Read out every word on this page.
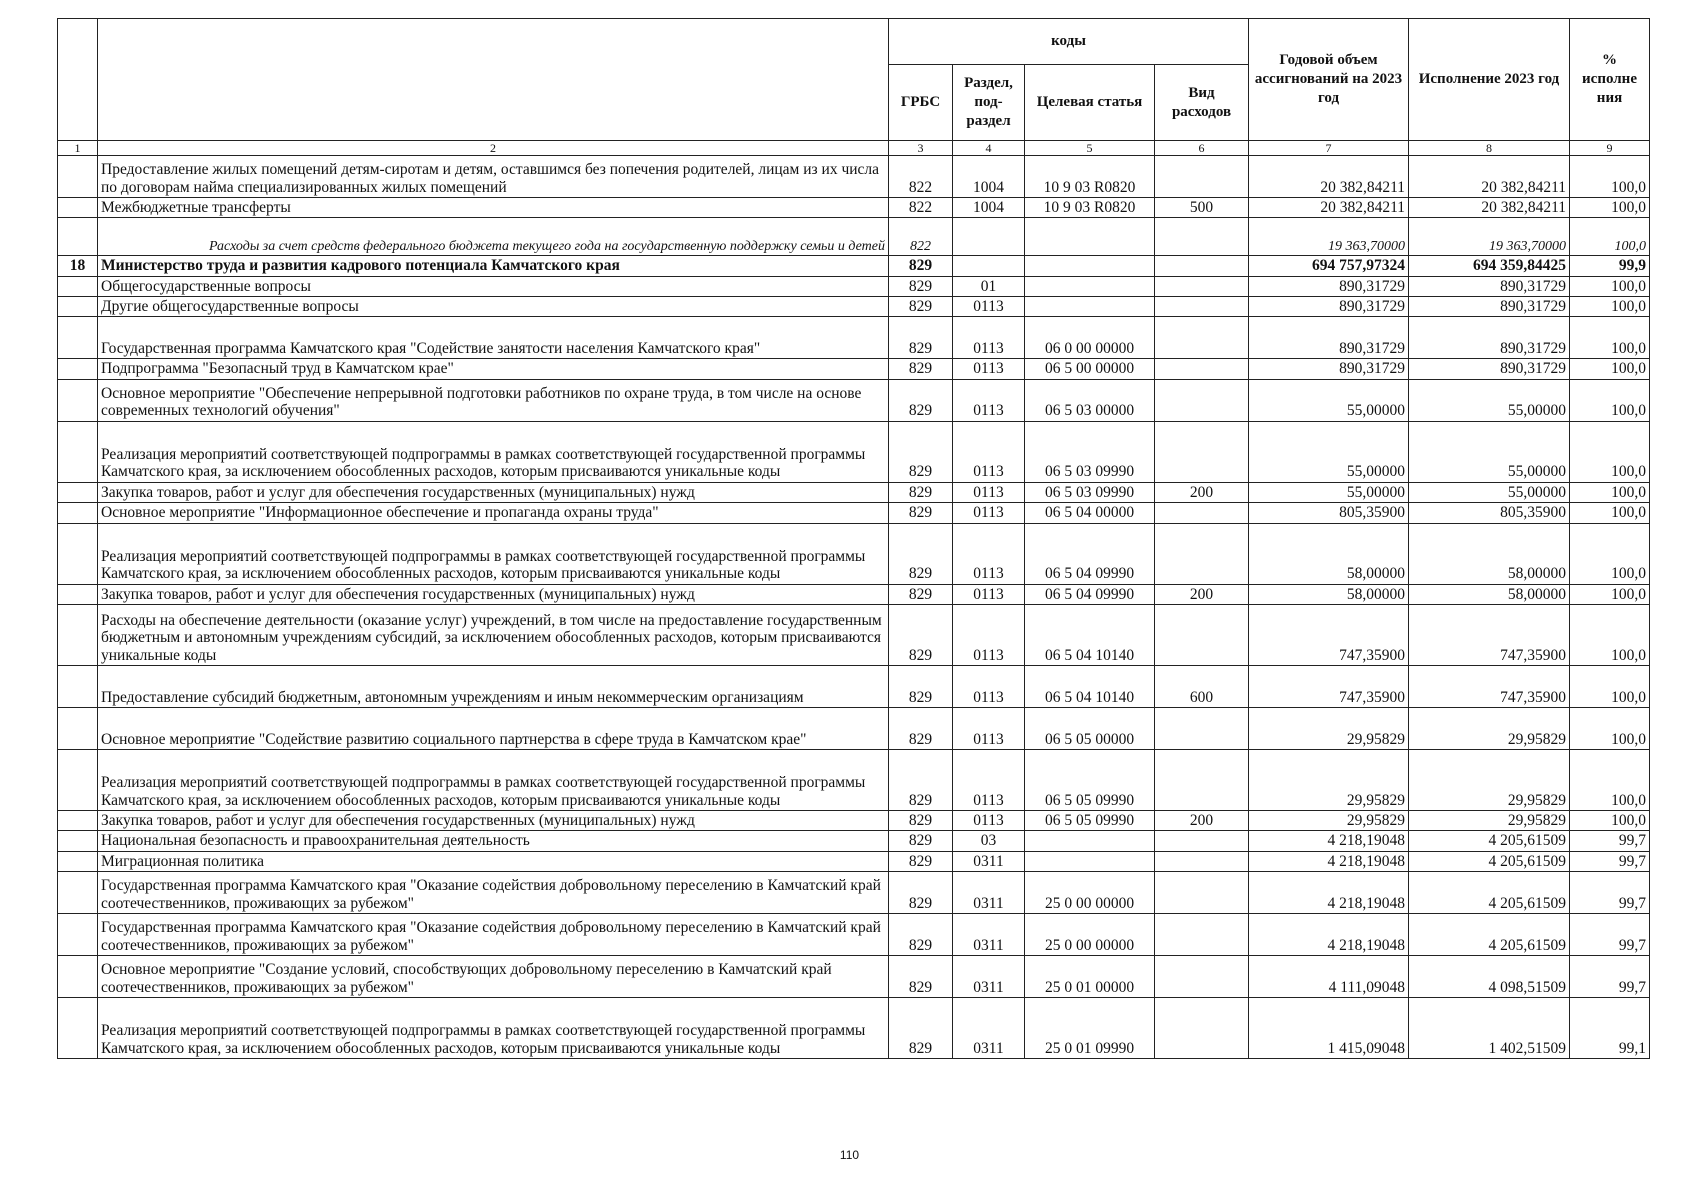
		коды				Годовой объем ассигнований на 2023 год	Исполнение 2023 год	% исполне ния
		ГРБС	Раздел, под-раздел	Целевая статья	Вид расходов			
1	2	3	4	5	6	7	8	9
	Предоставление жилых помещений детям-сиротам и детям, оставшимся без попечения родителей, лицам из их числа по договорам найма специализированных жилых помещений	822	1004	10 9 03 R0820		20 382,84211	20 382,84211	100,0
	Межбюджетные трансферты	822	1004	10 9 03 R0820	500	20 382,84211	20 382,84211	100,0
	Расходы за счет средств федерального бюджета текущего года на государственную поддержку семьи и детей	822				19 363,70000	19 363,70000	100,0
18	Министерство труда и развития кадрового потенциала Камчатского края	829				694 757,97324	694 359,84425	99,9
	Общегосударственные вопросы	829	01			890,31729	890,31729	100,0
	Другие общегосударственные вопросы	829	0113			890,31729	890,31729	100,0
	Государственная программа Камчатского края "Содействие занятости населения Камчатского края"	829	0113	06 0 00 00000		890,31729	890,31729	100,0
	Подпрограмма "Безопасный труд в Камчатском крае"	829	0113	06 5 00 00000		890,31729	890,31729	100,0
	Основное мероприятие "Обеспечение непрерывной подготовки работников по охране труда, в том числе на основе современных технологий обучения"	829	0113	06 5 03 00000		55,00000	55,00000	100,0
	Реализация мероприятий соответствующей подпрограммы в рамках соответствующей государственной программы Камчатского края, за исключением обособленных расходов, которым присваиваются уникальные коды	829	0113	06 5 03 09990		55,00000	55,00000	100,0
	Закупка товаров, работ и услуг для обеспечения государственных (муниципальных) нужд	829	0113	06 5 03 09990	200	55,00000	55,00000	100,0
	Основное мероприятие "Информационное обеспечение и пропаганда охраны труда"	829	0113	06 5 04 00000		805,35900	805,35900	100,0
	Реализация мероприятий соответствующей подпрограммы в рамках соответствующей государственной программы Камчатского края, за исключением обособленных расходов, которым присваиваются уникальные коды	829	0113	06 5 04 09990		58,00000	58,00000	100,0
	Закупка товаров, работ и услуг для обеспечения государственных (муниципальных) нужд	829	0113	06 5 04 09990	200	58,00000	58,00000	100,0
	Расходы на обеспечение деятельности (оказание услуг) учреждений, в том числе на предоставление государственным бюджетным и автономным учреждениям субсидий, за исключением обособленных расходов, которым присваиваются уникальные коды	829	0113	06 5 04 10140		747,35900	747,35900	100,0
	Предоставление субсидий бюджетным, автономным учреждениям и иным некоммерческим организациям	829	0113	06 5 04 10140	600	747,35900	747,35900	100,0
	Основное мероприятие "Содействие развитию социального партнерства в сфере труда в Камчатском крае"	829	0113	06 5 05 00000		29,95829	29,95829	100,0
	Реализация мероприятий соответствующей подпрограммы в рамках соответствующей государственной программы Камчатского края, за исключением обособленных расходов, которым присваиваются уникальные коды	829	0113	06 5 05 09990		29,95829	29,95829	100,0
	Закупка товаров, работ и услуг для обеспечения государственных (муниципальных) нужд	829	0113	06 5 05 09990	200	29,95829	29,95829	100,0
	Национальная безопасность и правоохранительная деятельность	829	03			4 218,19048	4 205,61509	99,7
	Миграционная политика	829	0311			4 218,19048	4 205,61509	99,7
	Государственная программа Камчатского края "Оказание содействия добровольному переселению в Камчатский край соотечественников, проживающих за рубежом"	829	0311	25 0 00 00000		4 218,19048	4 205,61509	99,7
	Государственная программа Камчатского края "Оказание содействия добровольному переселению в Камчатский край соотечественников, проживающих за рубежом"	829	0311	25 0 00 00000		4 218,19048	4 205,61509	99,7
	Основное мероприятие "Создание условий, способствующих добровольному переселению в Камчатский край соотечественников, проживающих за рубежом"	829	0311	25 0 01 00000		4 111,09048	4 098,51509	99,7
	Реализация мероприятий соответствующей подпрограммы в рамках соответствующей государственной программы Камчатского края, за исключением обособленных расходов, которым присваиваются уникальные коды	829	0311	25 0 01 09990		1 415,09048	1 402,51509	99,1
110
